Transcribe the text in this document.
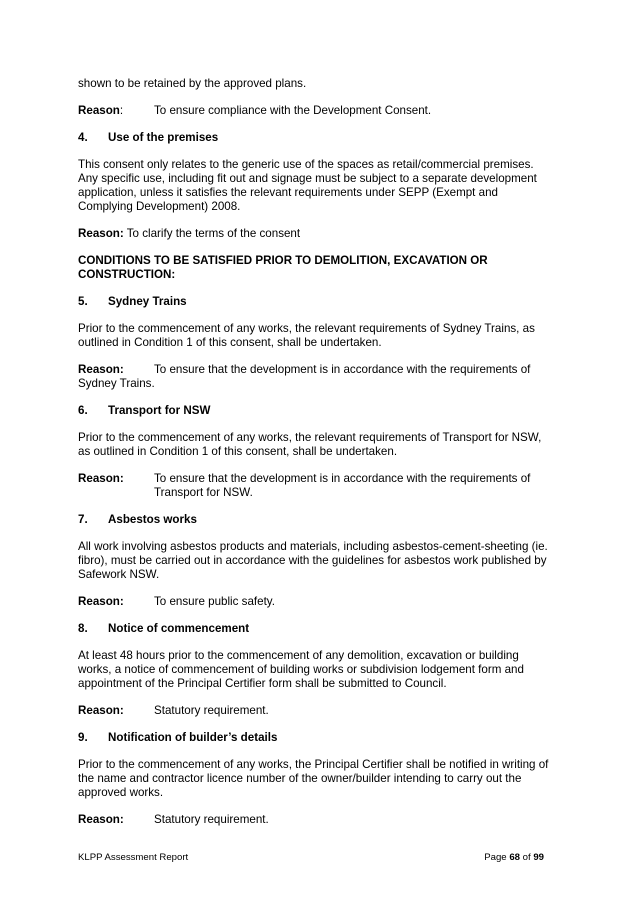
shown to be retained by the approved plans.

Reason:	To ensure compliance with the Development Consent.
4.	Use of the premises

This consent only relates to the generic use of the spaces as retail/commercial premises.

Any specific use, including fit out and signage must be subject to a separate development

application, unless it satisfies the relevant requirements under SEPP (Exempt and

Complying Development) 2008.

Reason: To clarify the terms of the consent

CONDITIONS TO BE SATISFIED PRIOR TO DEMOLITION, EXCAVATION OR

CONSTRUCTION:

5.	Sydney Trains

Prior to the commencement of any works, the relevant requirements of Sydney Trains, as

outlined in Condition 1 of this consent, shall be undertaken.

Reason:	To ensure that the development is in accordance with the requirements of

Sydney Trains.

6.	Transport for NSW

Prior to the commencement of any works, the relevant requirements of Transport for NSW,

as outlined in Condition 1 of this consent, shall be undertaken.

Reason:	To ensure that the development is in accordance with the requirements of

Transport for NSW.

7.	Asbestos works

All work involving asbestos products and materials, including asbestos-cement-sheeting (ie.

fibro), must be carried out in accordance with the guidelines for asbestos work published by

Safework NSW.

Reason:	To ensure public safety.
8.	Notice of commencement

At least 48 hours prior to the commencement of any demolition, excavation or building

works, a notice of commencement of building works or subdivision lodgement form and

appointment of the Principal Certifier form shall be submitted to Council.

Reason:	Statutory requirement.
9.	Notification of builder’s details

Prior to the commencement of any works, the Principal Certifier shall be notified in writing of

the name and contractor licence number of the owner/builder intending to carry out the

approved works.

Reason:	Statutory requirement.
KLPP Assessment Report	Page 68 of 99
